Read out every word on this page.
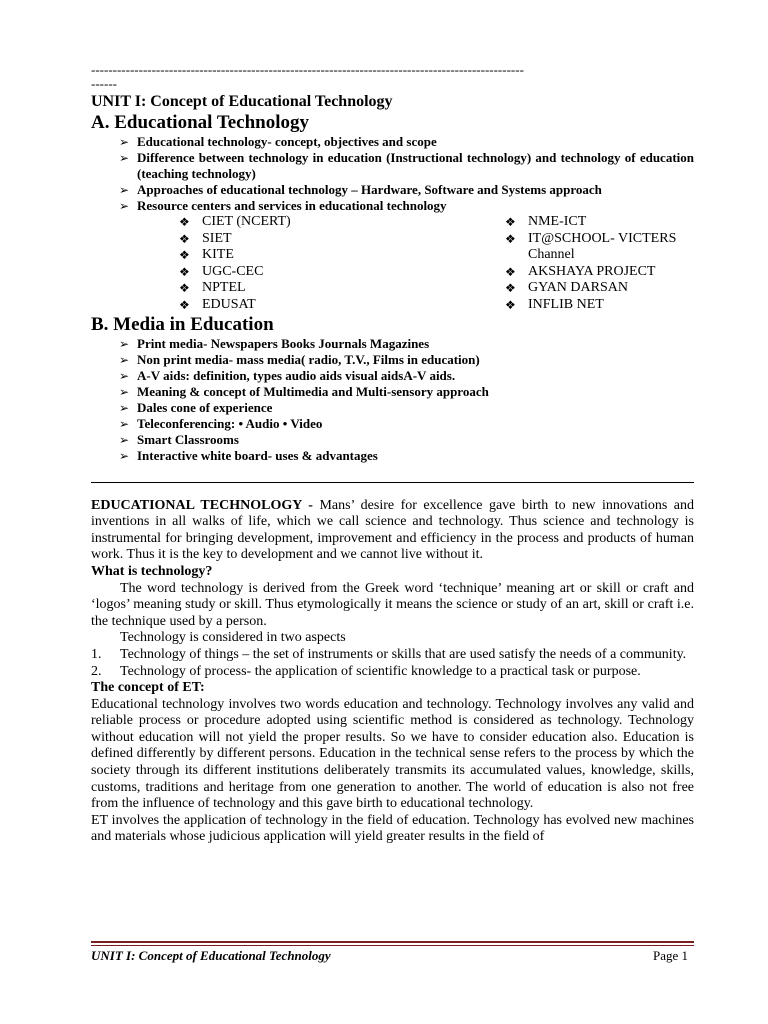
----------------------------------------------------------------------------------------------------
------
UNIT I: Concept of Educational Technology
A. Educational Technology
➢ Educational technology- concept, objectives and scope
➢ Difference between technology in education (Instructional technology) and technology of education (teaching technology)
➢ Approaches of educational technology – Hardware, Software and Systems approach
➢ Resource centers and services in educational technology
❖ CIET (NCERT)
❖ SIET
❖ KITE
❖ UGC-CEC
❖ NPTEL
❖ EDUSAT
❖ NME-ICT
❖ IT@SCHOOL- VICTERS Channel
❖ AKSHAYA PROJECT
❖ GYAN DARSAN
❖ INFLIB NET
B. Media in Education
➢ Print media- Newspapers Books Journals Magazines
➢ Non print media- mass media( radio, T.V., Films in education)
➢ A-V aids: definition, types audio aids visual aidsA-V aids.
➢ Meaning & concept of Multimedia and Multi-sensory approach
➢ Dales cone of experience
➢ Teleconferencing: • Audio • Video
➢ Smart Classrooms
➢ Interactive white board- uses & advantages

EDUCATIONAL TECHNOLOGY - Mans’ desire for excellence gave birth to new innovations and inventions in all walks of life, which we call science and technology. Thus science and technology is instrumental for bringing development, improvement and efficiency in the process and products of human work. Thus it is the key to development and we cannot live without it.

What is technology?

The word technology is derived from the Greek word ‘technique’ meaning art or skill or craft and ‘logos’ meaning study or skill. Thus etymologically it means the science or study of an art, skill or craft i.e. the technique used by a person.

Technology is considered in two aspects

1. Technology of things – the set of instruments or skills that are used satisfy the needs of a community.

2. Technology of process- the application of scientific knowledge to a practical task or purpose.

The concept of ET:

Educational technology involves two words education and technology. Technology involves any valid and reliable process or procedure adopted using scientific method is considered as technology. Technology without education will not yield the proper results. So we have to consider education also. Education is defined differently by different persons. Education in the technical sense refers to the process by which the society through its different institutions deliberately transmits its accumulated values, knowledge, skills, customs, traditions and heritage from one generation to another. The world of education is also not free from the influence of technology and this gave birth to educational technology.

ET involves the application of technology in the field of education. Technology has evolved new machines and materials whose judicious application will yield greater results in the field of

UNIT I: Concept of Educational Technology	Page 1
